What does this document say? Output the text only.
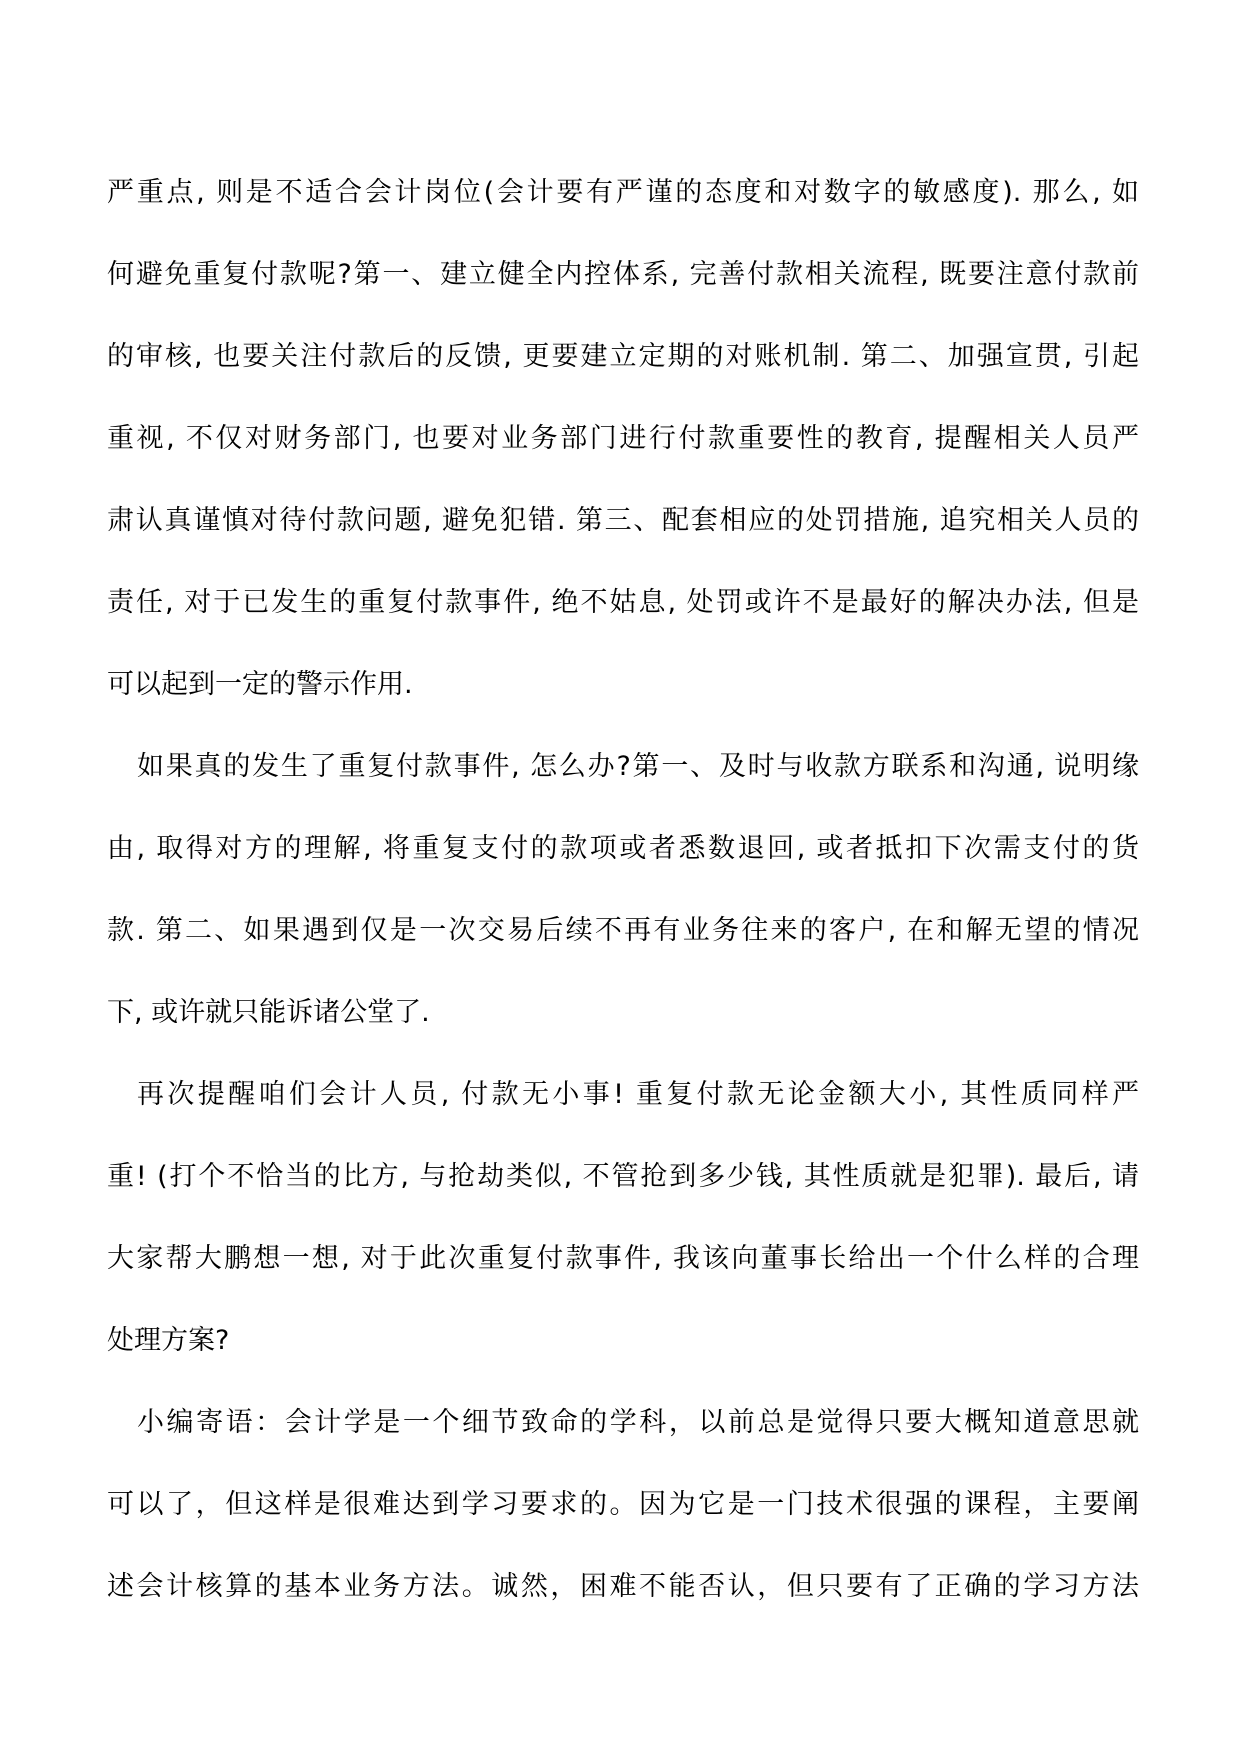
严重点, 则是不适合会计岗位(会计要有严谨的态度和对数字的敏感度). 那么, 如
何避免重复付款呢?第一、建立健全内控体系, 完善付款相关流程, 既要注意付款前
的审核, 也要关注付款后的反馈, 更要建立定期的对账机制. 第二、加强宣贯, 引起
重视, 不仅对财务部门, 也要对业务部门进行付款重要性的教育, 提醒相关人员严
肃认真谨慎对待付款问题, 避免犯错. 第三、配套相应的处罚措施, 追究相关人员的
责任, 对于已发生的重复付款事件, 绝不姑息, 处罚或许不是最好的解决办法, 但是
可以起到一定的警示作用.
如果真的发生了重复付款事件, 怎么办?第一、及时与收款方联系和沟通, 说明缘
由, 取得对方的理解, 将重复支付的款项或者悉数退回, 或者抵扣下次需支付的货
款. 第二、如果遇到仅是一次交易后续不再有业务往来的客户, 在和解无望的情况
下, 或许就只能诉诸公堂了.
再次提醒咱们会计人员, 付款无小事! 重复付款无论金额大小, 其性质同样严
重! (打个不恰当的比方, 与抢劫类似, 不管抢到多少钱, 其性质就是犯罪). 最后, 请
大家帮大鹏想一想, 对于此次重复付款事件, 我该向董事长给出一个什么样的合理
处理方案?
小编寄语：会计学是一个细节致命的学科，以前总是觉得只要大概知道意思就
可以了，但这样是很难达到学习要求的。因为它是一门技术很强的课程，主要阐
述会计核算的基本业务方法。诚然，困难不能否认，但只要有了正确的学习方法
